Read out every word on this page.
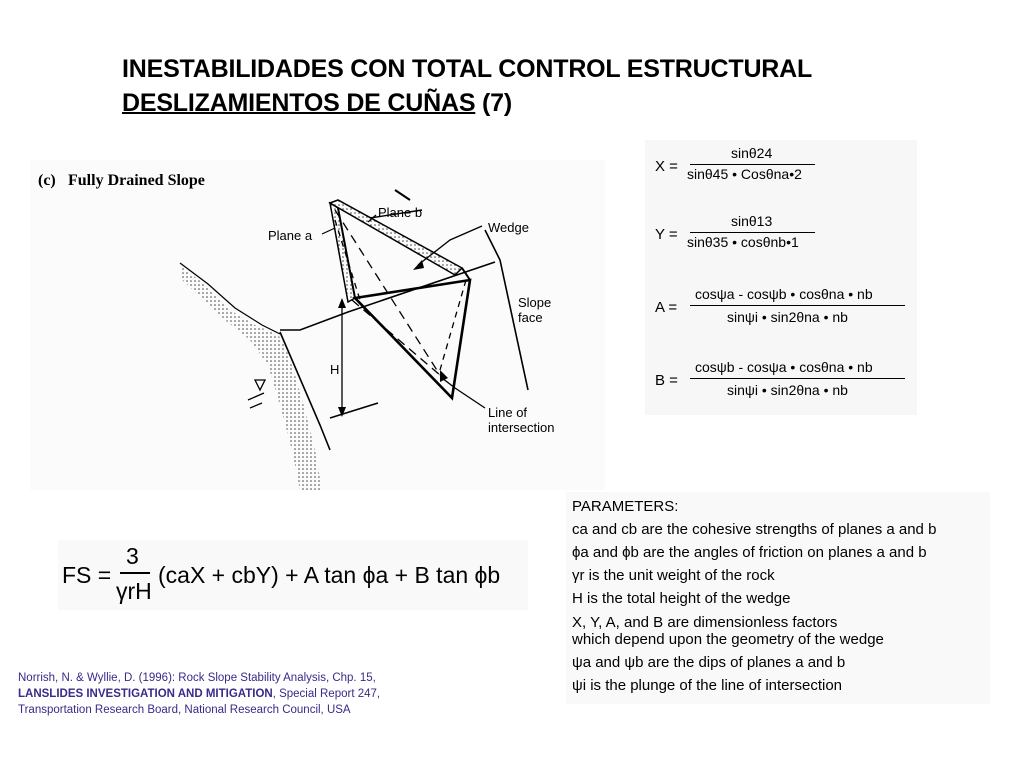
INESTABILIDADES CON TOTAL CONTROL ESTRUCTURAL
DESLIZAMIENTOS DE CUÑAS (7)
(c) Fully Drained Slope
Plane b
Plane a
Wedge
Slope
face
H
Line of
intersection
X =
sinθ24
sinθ45 • Cosθna•2
Y =
sinθ13
sinθ35 • cosθnb•1
A =
cosψa - cosψb • cosθna • nb
sinψi • sin2θna • nb
B =
cosψb - cosψa • cosθna • nb
sinψi • sin2θna • nb
FS =
3
γrH
(caX + cbY) + A tan ϕa + B tan ϕb
PARAMETERS:
ca and cb are the cohesive strengths of planes a and b
ϕa and ϕb are the angles of friction on planes a and b
γr is the unit weight of the rock
H is the total height of the wedge
X, Y, A, and B are dimensionless factors
which depend upon the geometry of the wedge
ψa and ψb are the dips of planes a and b
ψi is the plunge of the line of intersection
Norrish, N. & Wyllie, D. (1996): Rock Slope Stability Analysis, Chp. 15,
LANSLIDES INVESTIGATION AND MITIGATION, Special Report 247,
Transportation Research Board, National Research Council, USA
